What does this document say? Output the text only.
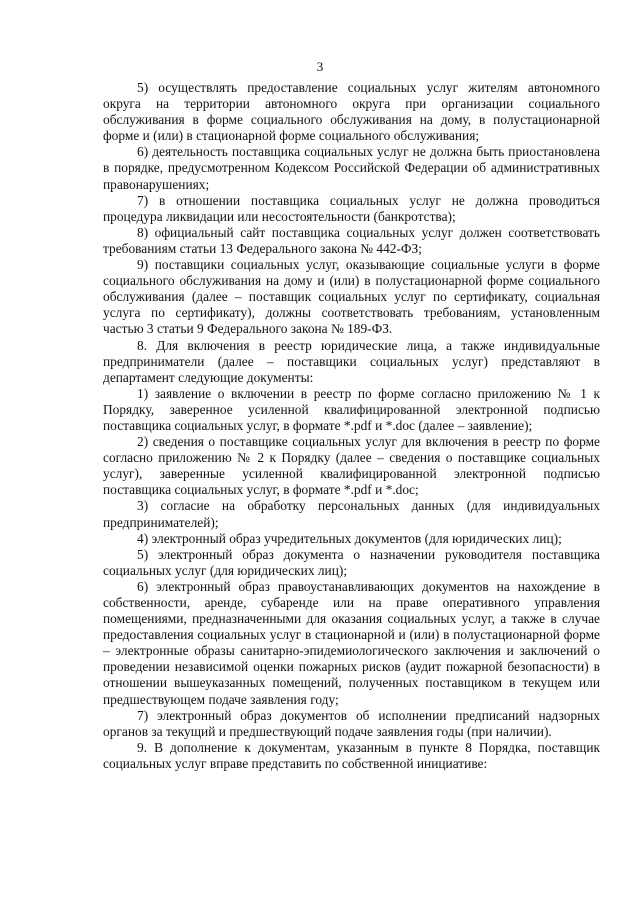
3

5) осуществлять предоставление социальных услуг жителям автономного округа на территории автономного округа при организации социального обслуживания в форме социального обслуживания на дому, в полустационарной форме и (или) в стационарной форме социального обслуживания;

6) деятельность поставщика социальных услуг не должна быть приостановлена в порядке, предусмотренном Кодексом Российской Федерации об административных правонарушениях;

7) в отношении поставщика социальных услуг не должна проводиться процедура ликвидации или несостоятельности (банкротства);

8) официальный сайт поставщика социальных услуг должен соответствовать требованиям статьи 13 Федерального закона № 442-ФЗ;

9) поставщики социальных услуг, оказывающие социальные услуги в форме социального обслуживания на дому и (или) в полустационарной форме социального обслуживания (далее – поставщик социальных услуг по сертификату, социальная услуга по сертификату), должны соответствовать требованиям, установленным частью 3 статьи 9 Федерального закона № 189-ФЗ.

8. Для включения в реестр юридические лица, а также индивидуальные предприниматели (далее – поставщики социальных услуг) представляют в департамент следующие документы:

1) заявление о включении в реестр по форме согласно приложению № 1 к Порядку, заверенное усиленной квалифицированной электронной подписью поставщика социальных услуг, в формате *.pdf и *.doc (далее – заявление);

2) сведения о поставщике социальных услуг для включения в реестр по форме согласно приложению № 2 к Порядку (далее – сведения о поставщике социальных услуг), заверенные усиленной квалифицированной электронной подписью поставщика социальных услуг, в формате *.pdf и *.doc;

3) согласие на обработку персональных данных (для индивидуальных предпринимателей);

4) электронный образ учредительных документов (для юридических лиц);

5) электронный образ документа о назначении руководителя поставщика социальных услуг (для юридических лиц);

6) электронный образ правоустанавливающих документов на нахождение в собственности, аренде, субаренде или на праве оперативного управления помещениями, предназначенными для оказания социальных услуг, а также в случае предоставления социальных услуг в стационарной и (или) в полустационарной форме – электронные образы санитарно-эпидемиологического заключения и заключений о проведении независимой оценки пожарных рисков (аудит пожарной безопасности) в отношении вышеуказанных помещений, полученных поставщиком в текущем или предшествующем подаче заявления году;

7) электронный образ документов об исполнении предписаний надзорных органов за текущий и предшествующий подаче заявления годы (при наличии).

9. В дополнение к документам, указанным в пункте 8 Порядка, поставщик социальных услуг вправе представить по собственной инициативе:
